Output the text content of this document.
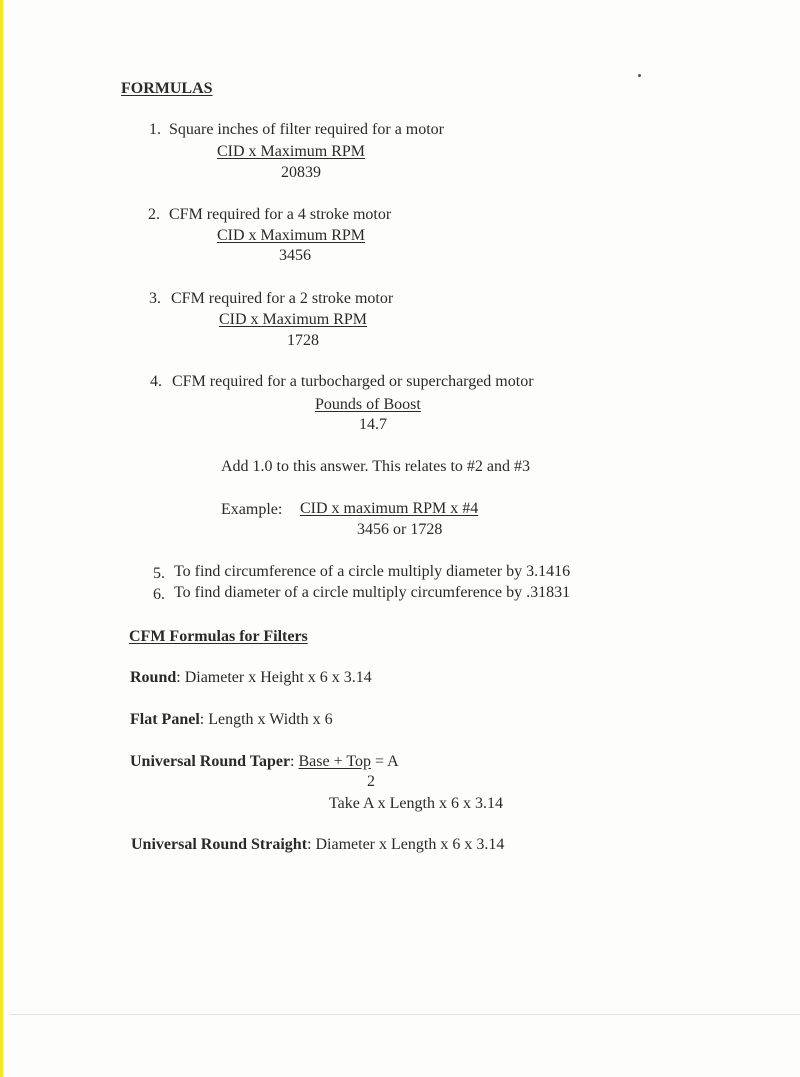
FORMULAS
1. Square inches of filter required for a motor
CID x Maximum RPM
20839
2. CFM required for a 4 stroke motor
CID x Maximum RPM
3456
3. CFM required for a 2 stroke motor
CID x Maximum RPM
1728
4. CFM required for a turbocharged or supercharged motor
Pounds of Boost
14.7
Add 1.0 to this answer. This relates to #2 and #3
Example: CID x maximum RPM x #4
3456 or 1728
5. To find circumference of a circle multiply diameter by 3.1416
6. To find diameter of a circle multiply circumference by .31831
CFM Formulas for Filters
Round: Diameter x Height x 6 x 3.14
Flat Panel: Length x Width x 6
Universal Round Taper: Base + Top = A
2
Take A x Length x 6 x 3.14
Universal Round Straight: Diameter x Length x 6 x 3.14
